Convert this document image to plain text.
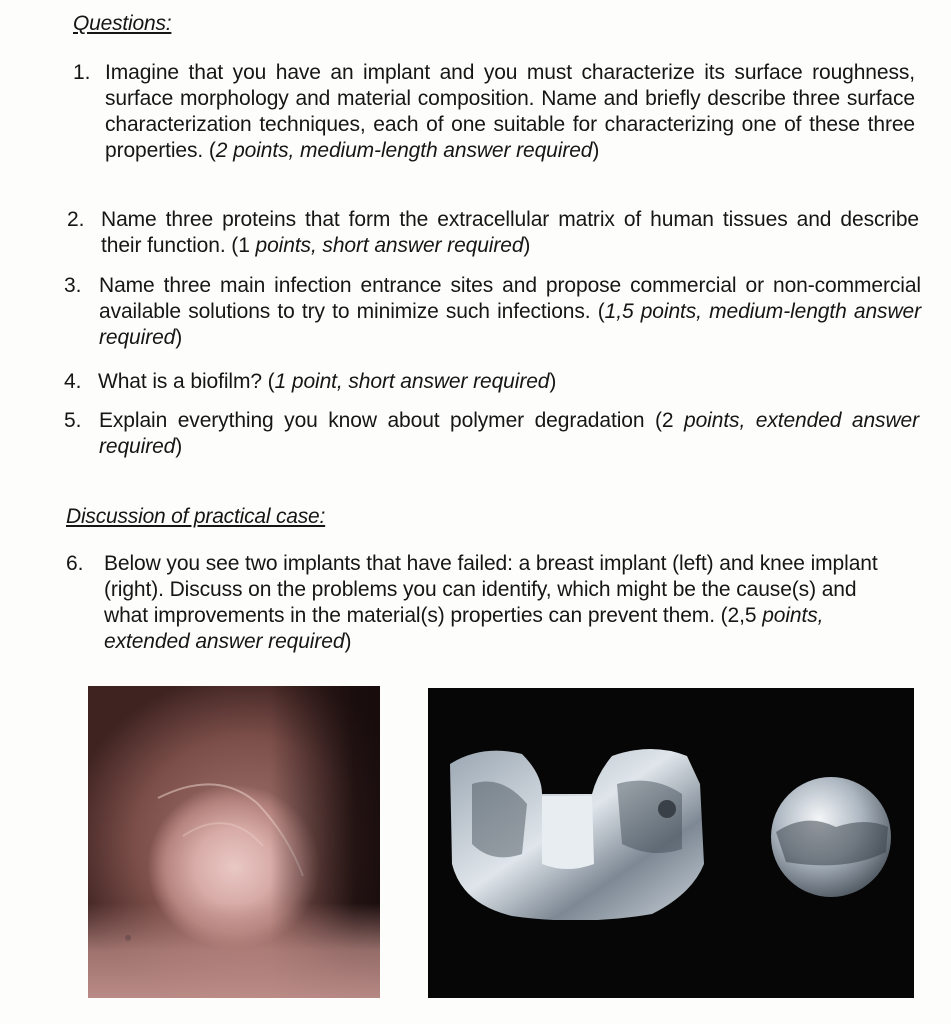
Questions:
1. Imagine that you have an implant and you must characterize its surface roughness, surface morphology and material composition. Name and briefly describe three surface characterization techniques, each of one suitable for characterizing one of these three properties. (2 points, medium-length answer required)
2. Name three proteins that form the extracellular matrix of human tissues and describe their function. (1 points, short answer required)
3. Name three main infection entrance sites and propose commercial or non-commercial available solutions to try to minimize such infections. (1,5 points, medium-length answer required)
4. What is a biofilm? (1 point, short answer required)
5. Explain everything you know about polymer degradation (2 points, extended answer required)
Discussion of practical case:
6. Below you see two implants that have failed: a breast implant (left) and knee implant (right). Discuss on the problems you can identify, which might be the cause(s) and what improvements in the material(s) properties can prevent them. (2,5 points, extended answer required)
